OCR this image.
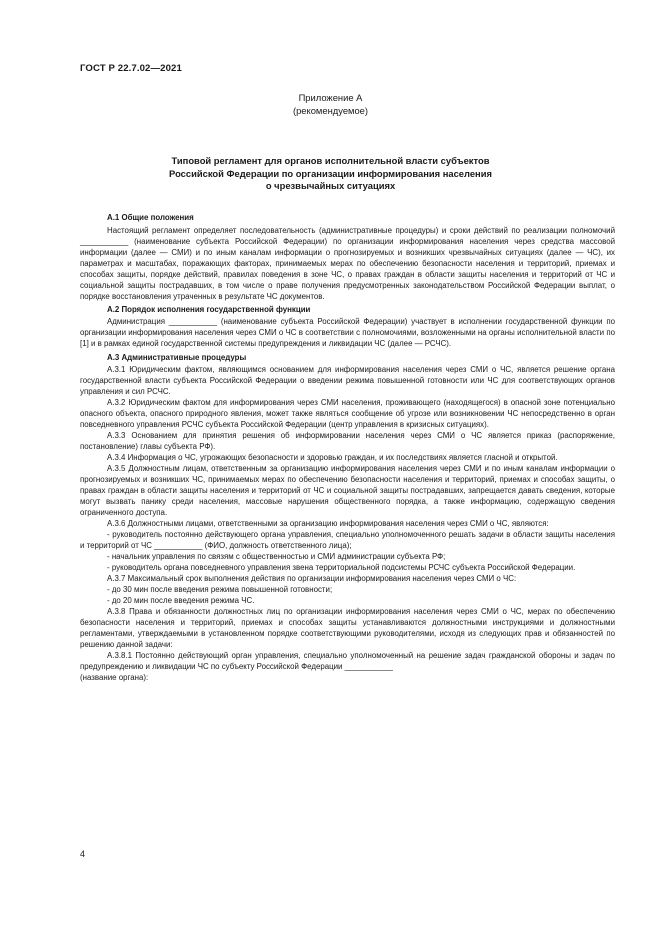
ГОСТ Р 22.7.02—2021
Приложение А
(рекомендуемое)
Типовой регламент для органов исполнительной власти субъектов
Российской Федерации по организации информирования населения
о чрезвычайных ситуациях

А.1 Общие положения

Настоящий регламент определяет последовательность (административные процедуры) и сроки действий по реализации полномочий ___________ (наименование субъекта Российской Федерации) по организации информирования населения через средства массовой информации (далее — СМИ) и по иным каналам информации о прогнозируемых и возникших чрезвычайных ситуациях (далее — ЧС), их параметрах и масштабах, поражающих факторах, принимаемых мерах по обеспечению безопасности населения и территорий, приемах и способах защиты, порядке действий, правилах поведения в зоне ЧС, о правах граждан в области защиты населения и территорий от ЧС и социальной защиты пострадавших, в том числе о праве получения предусмотренных законодательством Российской Федерации выплат, о порядке восстановления утраченных в результате ЧС документов.

А.2 Порядок исполнения государственной функции

Администрация ___________ (наименование субъекта Российской Федерации) участвует в исполнении государственной функции по организации информирования населения через СМИ о ЧС в соответствии с полномочиями, возложенными на органы исполнительной власти по [1] и в рамках единой государственной системы предупреждения и ликвидации ЧС (далее — РСЧС).

А.3 Административные процедуры

А.3.1 Юридическим фактом, являющимся основанием для информирования населения через СМИ о ЧС, является решение органа государственной власти субъекта Российской Федерации о введении режима повышенной готовности или ЧС для соответствующих органов управления и сил РСЧС.

А.3.2 Юридическим фактом для информирования через СМИ населения, проживающего (находящегося) в опасной зоне потенциально опасного объекта, опасного природного явления, может также являться сообщение об угрозе или возникновении ЧС непосредственно в орган повседневного управления РСЧС субъекта Российской Федерации (центр управления в кризисных ситуациях).

А.3.3 Основанием для принятия решения об информировании населения через СМИ о ЧС является приказ (распоряжение, постановление) главы субъекта РФ).

А.3.4 Информация о ЧС, угрожающих безопасности и здоровью граждан, и их последствиях является гласной и открытой.

А.3.5 Должностным лицам, ответственным за организацию информирования населения через СМИ и по иным каналам информации о прогнозируемых и возникших ЧС, принимаемых мерах по обеспечению безопасности населения и территорий, приемах и способах защиты, о правах граждан в области защиты населения и территорий от ЧС и социальной защиты пострадавших, запрещается давать сведения, которые могут вызвать панику среди населения, массовые нарушения общественного порядка, а также информацию, содержащую сведения ограниченного доступа.

А.3.6 Должностными лицами, ответственными за организацию информирования населения через СМИ о ЧС, являются:

- руководитель постоянно действующего органа управления, специально уполномоченного решать задачи в области защиты населения и территорий от ЧС ___________ (ФИО, должность ответственного лица);

- начальник управления по связям с общественностью и СМИ администрации субъекта РФ;

- руководитель органа повседневного управления звена территориальной подсистемы РСЧС субъекта Российской Федерации.

А.3.7 Максимальный срок выполнения действия по организации информирования населения через СМИ о ЧС:

- до 30 мин после введения режима повышенной готовности;

- до 20 мин после введения режима ЧС.

А.3.8 Права и обязанности должностных лиц по организации информирования населения через СМИ о ЧС, мерах по обеспечению безопасности населения и территорий, приемах и способах защиты устанавливаются должностными инструкциями и должностными регламентами, утверждаемыми в установленном порядке соответствующими руководителями, исходя из следующих прав и обязанностей по решению данной задачи:

А.3.8.1 Постоянно действующий орган управления, специально уполномоченный на решение задач гражданской обороны и задач по предупреждению и ликвидации ЧС по субъекту Российской Федерации ___________

(название органа):

4
